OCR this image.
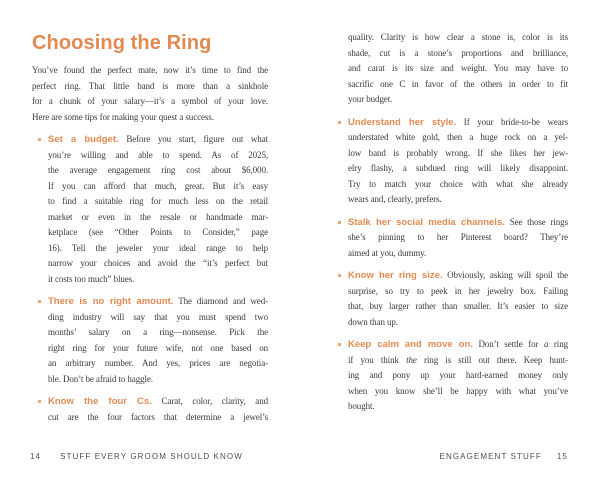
Choosing the Ring
You’ve found the perfect mate, now it’s time to find the
perfect ring. That little band is more than a sinkhole
for a chunk of your salary—it’s a symbol of your love.
Here are some tips for making your quest a success.
Set a budget. Before you start, figure out what
you’re willing and able to spend. As of 2025,
the average engagement ring cost about $6,000.
If you can afford that much, great. But it’s easy
to find a suitable ring for much less on the retail
market or even in the resale or handmade mar-
ketplace (see “Other Points to Consider,” page
16). Tell the jeweler your ideal range to help
narrow your choices and avoid the “it’s perfect but
it costs too much” blues.
There is no right amount. The diamond and wed-
ding industry will say that you must spend two
months’ salary on a ring—nonsense. Pick the
right ring for your future wife, not one based on
an arbitrary number. And yes, prices are negotia-
ble. Don’t be afraid to haggle.
Know the four Cs. Carat, color, clarity, and
cut are the four factors that determine a jewel’s
14 STUFF EVERY GROOM SHOULD KNOW
quality. Clarity is how clear a stone is, color is its
shade, cut is a stone’s proportions and brilliance,
and carat is its size and weight. You may have to
sacrific one C in favor of the others in order to fit
your budget.
Understand her style. If your bride-to-be wears
understated white gold, then a huge rock on a yel-
low band is probably wrong. If she likes her jew-
elry flashy, a subdued ring will likely disappoint.
Try to match your choice with what she already
wears and, clearly, prefers.
Stalk her social media channels. See those rings
she’s pinning to her Pinterest board? They’re
aimed at you, dummy.
Know her ring size. Obviously, asking will spoil the
surprise, so try to peek in her jewelry box. Failing
that, buy larger rather than smaller. It’s easier to size
down than up.
Keep calm and move on. Don’t settle for a ring
if you think the ring is still out there. Keep hunt-
ing and pony up your hard-earned money only
when you know she’ll be happy with what you’ve
bought.
ENGAGEMENT STUFF 15
